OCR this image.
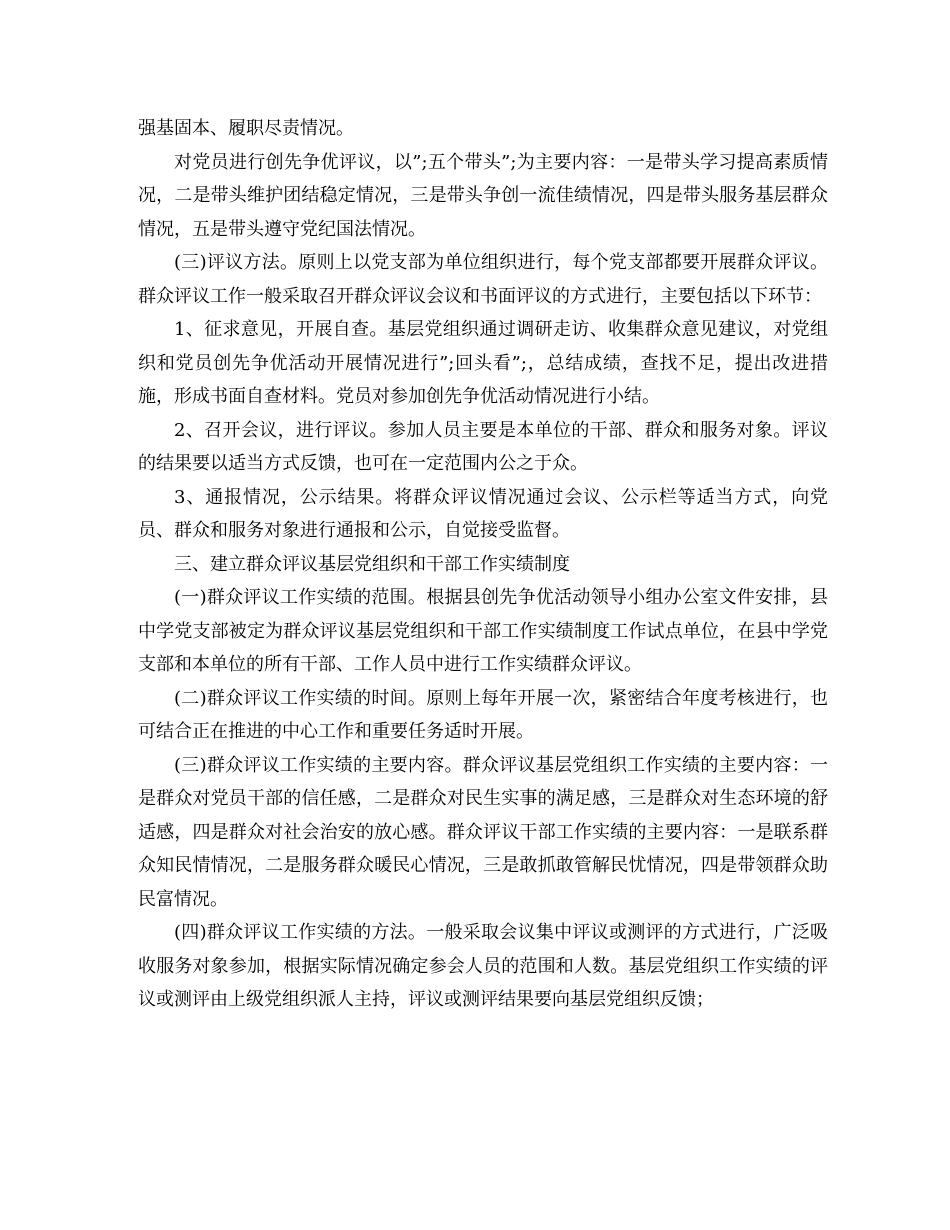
强基固本、履职尽责情况。

对党员进行创先争优评议，以”;五个带头”;为主要内容：一是带头学习提高素质情况，二是带头维护团结稳定情况，三是带头争创一流佳绩情况，四是带头服务基层群众情况，五是带头遵守党纪国法情况。

(三)评议方法。原则上以党支部为单位组织进行，每个党支部都要开展群众评议。群众评议工作一般采取召开群众评议会议和书面评议的方式进行，主要包括以下环节：

1、征求意见，开展自查。基层党组织通过调研走访、收集群众意见建议，对党组织和党员创先争优活动开展情况进行”;回头看”;，总结成绩，查找不足，提出改进措施，形成书面自查材料。党员对参加创先争优活动情况进行小结。

2、召开会议，进行评议。参加人员主要是本单位的干部、群众和服务对象。评议的结果要以适当方式反馈，也可在一定范围内公之于众。

3、通报情况，公示结果。将群众评议情况通过会议、公示栏等适当方式，向党员、群众和服务对象进行通报和公示，自觉接受监督。

三、建立群众评议基层党组织和干部工作实绩制度

(一)群众评议工作实绩的范围。根据县创先争优活动领导小组办公室文件安排，县中学党支部被定为群众评议基层党组织和干部工作实绩制度工作试点单位，在县中学党支部和本单位的所有干部、工作人员中进行工作实绩群众评议。

(二)群众评议工作实绩的时间。原则上每年开展一次，紧密结合年度考核进行，也可结合正在推进的中心工作和重要任务适时开展。

(三)群众评议工作实绩的主要内容。群众评议基层党组织工作实绩的主要内容：一是群众对党员干部的信任感，二是群众对民生实事的满足感，三是群众对生态环境的舒适感，四是群众对社会治安的放心感。群众评议干部工作实绩的主要内容：一是联系群众知民情情况，二是服务群众暖民心情况，三是敢抓敢管解民忧情况，四是带领群众助民富情况。

(四)群众评议工作实绩的方法。一般采取会议集中评议或测评的方式进行，广泛吸收服务对象参加，根据实际情况确定参会人员的范围和人数。基层党组织工作实绩的评议或测评由上级党组织派人主持，评议或测评结果要向基层党组织反馈；
